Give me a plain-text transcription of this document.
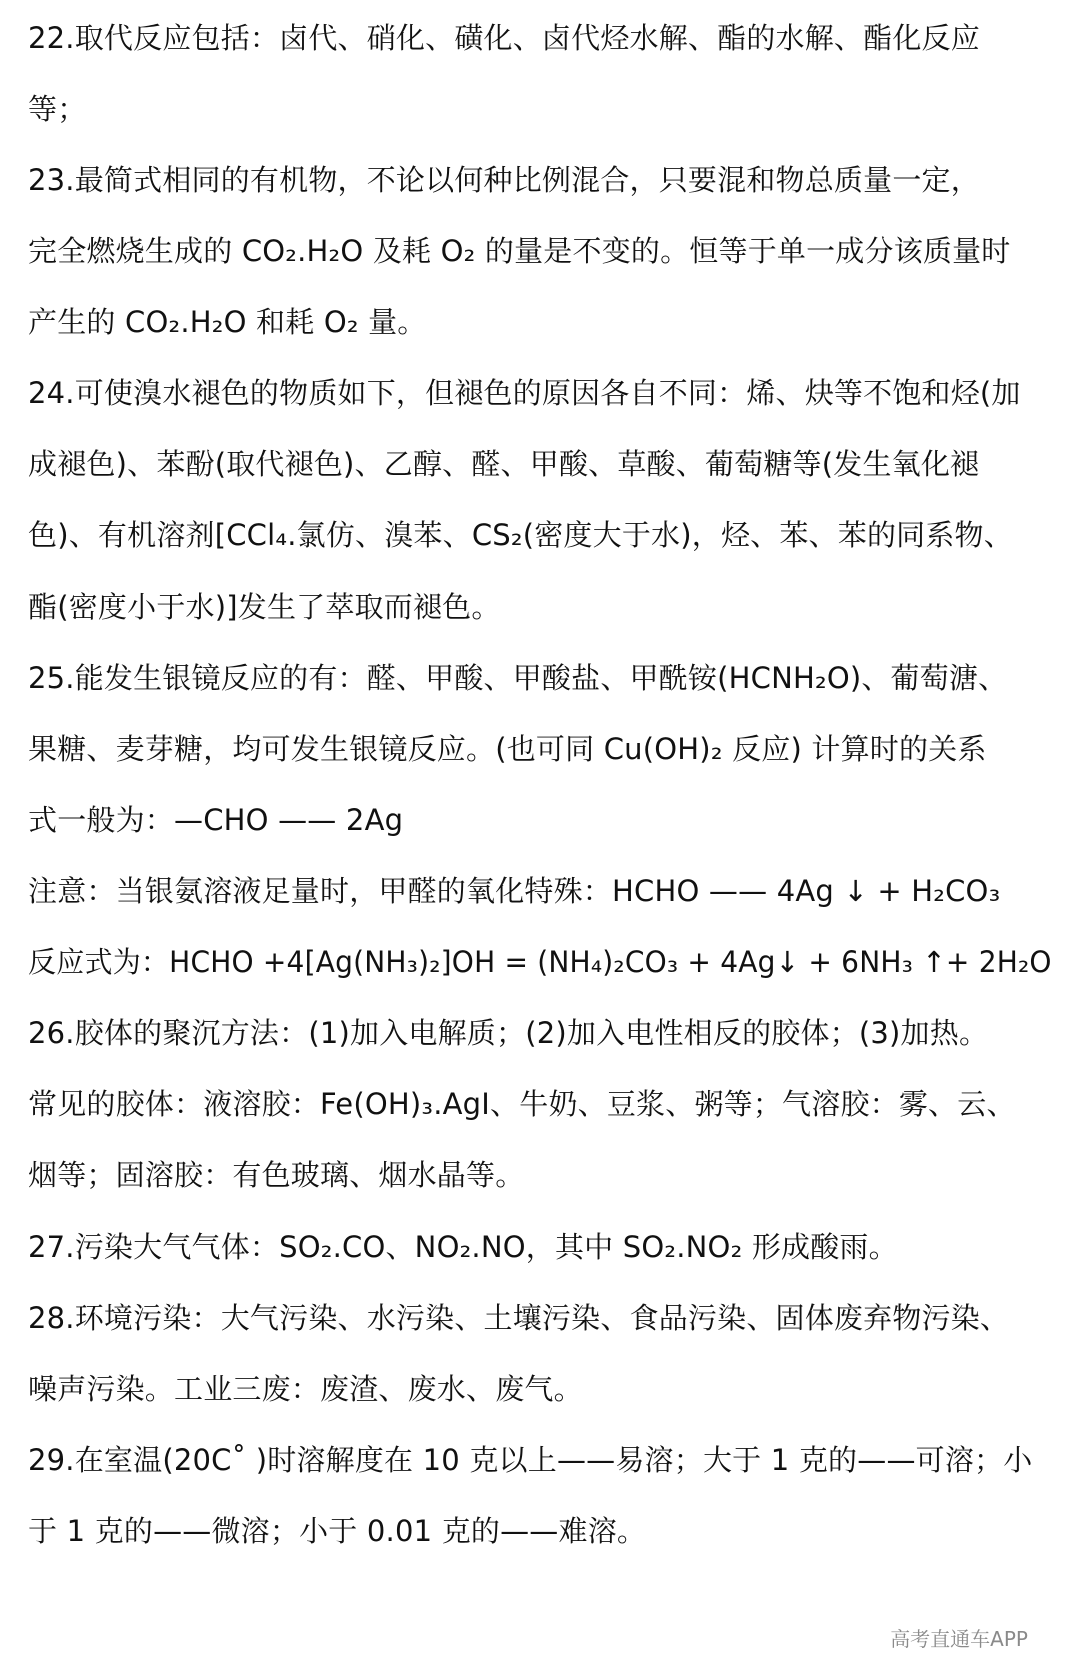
22.取代反应包括：卤代、硝化、磺化、卤代烃水解、酯的水解、酯化反应
等；
23.最简式相同的有机物，不论以何种比例混合，只要混和物总质量一定，
完全燃烧生成的 CO₂.H₂O 及耗 O₂ 的量是不变的。恒等于单一成分该质量时
产生的 CO₂.H₂O 和耗 O₂ 量。
24.可使溴水褪色的物质如下，但褪色的原因各自不同：烯、炔等不饱和烃(加
成褪色)、苯酚(取代褪色)、乙醇、醛、甲酸、草酸、葡萄糖等(发生氧化褪
色)、有机溶剂[CCl₄.氯仿、溴苯、CS₂(密度大于水)，烃、苯、苯的同系物、
酯(密度小于水)]发生了萃取而褪色。
25.能发生银镜反应的有：醛、甲酸、甲酸盐、甲酰铵(HCNH₂O)、葡萄溏、
果糖、麦芽糖，均可发生银镜反应。(也可同 Cu(OH)₂ 反应) 计算时的关系
式一般为：—CHO —— 2Ag
注意：当银氨溶液足量时，甲醛的氧化特殊：HCHO —— 4Ag ↓ + H₂CO₃
反应式为：HCHO +4[Ag(NH₃)₂]OH = (NH₄)₂CO₃ + 4Ag↓ + 6NH₃ ↑+ 2H₂O
26.胶体的聚沉方法：(1)加入电解质；(2)加入电性相反的胶体；(3)加热。
常见的胶体：液溶胶：Fe(OH)₃.AgI、牛奶、豆浆、粥等；气溶胶：雾、云、
烟等；固溶胶：有色玻璃、烟水晶等。
27.污染大气气体：SO₂.CO、NO₂.NO，其中 SO₂.NO₂ 形成酸雨。
28.环境污染：大气污染、水污染、土壤污染、食品污染、固体废弃物污染、
噪声污染。工业三废：废渣、废水、废气。
29.在室温(20C˚ )时溶解度在 10 克以上——易溶；大于 1 克的——可溶；小
于 1 克的——微溶；小于 0.01 克的——难溶。
高考直通车APP
